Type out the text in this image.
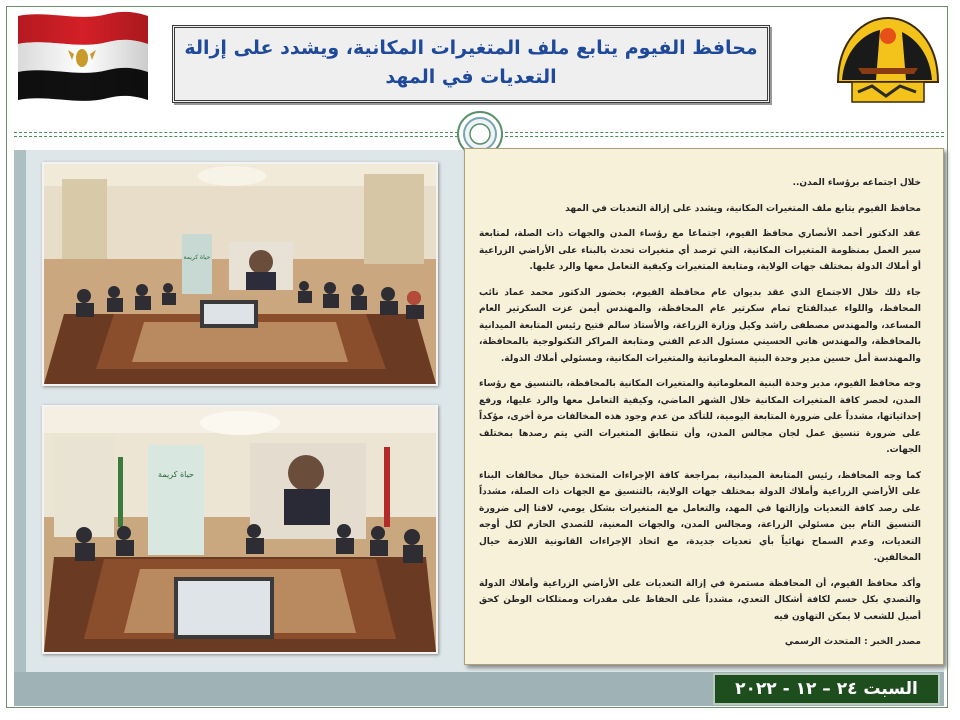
محافظ الفيوم يتابع ملف المتغيرات المكانية، ويشدد على إزالة
التعديات في المهد
حياة كريمة
حياة كريمة

خلال اجتماعه برؤساء المدن..

محافظ الفيوم يتابع ملف المتغيرات المكانية، ويشدد على إزالة التعديات في المهد

عقد الدكتور أحمد الأنصاري محافظ الفيوم، اجتماعا مع رؤساء المدن والجهات ذات الصلة، لمتابعة سير العمل بمنظومة المتغيرات المكانية، التي ترصد أي متغيرات تحدث بالبناء على الأراضي الزراعية أو أملاك الدولة بمختلف جهات الولاية، ومتابعة المتغيرات وكيفية التعامل معها والرد عليها.

جاء ذلك خلال الاجتماع الذي عقد بديوان عام محافظة الفيوم، بحضور الدكتور محمد عماد نائب المحافظ، واللواء عبدالفتاح تمام سكرتير عام المحافظة، والمهندس أيمن عزت السكرتير العام المساعد، والمهندس مصطفى راشد وكيل وزارة الزراعة، والأستاذ سالم فتيح رئيس المتابعة الميدانية بالمحافظة، والمهندس هاني الحسيني مسئول الدعم الفني ومتابعة المراكز التكنولوجية بالمحافظة، والمهندسة أمل حسين مدير وحدة البنية المعلوماتية والمتغيرات المكانية، ومسئولي أملاك الدولة.

وجه محافظ الفيوم، مدير وحدة البنية المعلوماتية والمتغيرات المكانية بالمحافظة، بالتنسيق مع رؤساء المدن، لحصر كافة المتغيرات المكانية خلال الشهر الماضي، وكيفية التعامل معها والرد عليها، ورفع إحداثياتها، مشدداً على ضرورة المتابعة اليومية، للتأكد من عدم وجود هذه المخالفات مرة أخرى، مؤكداً على ضرورة تنسيق عمل لجان مجالس المدن، وأن تتطابق المتغيرات التي يتم رصدها بمختلف الجهات.

كما وجه المحافظ، رئيس المتابعة الميدانية، بمراجعة كافة الإجراءات المتخذة حيال مخالفات البناء على الأراضي الزراعية وأملاك الدولة بمختلف جهات الولاية، بالتنسيق مع الجهات ذات الصلة، مشدداً على رصد كافة التعديات وإزالتها في المهد، والتعامل مع المتغيرات بشكل يومي، لافتا إلى ضرورة التنسيق التام بين مسئولي الزراعة، ومجالس المدن، والجهات المعنية، للتصدي الحازم لكل أوجه التعديات، وعدم السماح نهائياً بأي تعديات جديدة، مع اتخاذ الإجراءات القانونية اللازمة حيال المخالفين.

وأكد محافظ الفيوم، أن المحافظة مستمرة في إزالة التعديات على الأراضي الزراعية وأملاك الدولة والتصدي بكل حسم لكافة أشكال التعدي، مشدداً على الحفاظ على مقدرات وممتلكات الوطن كحق أصيل للشعب لا يمكن التهاون فيه

مصدر الخبر : المتحدث الرسمي

السبت ٢٤ – ١٢ - ٢٠٢٢
